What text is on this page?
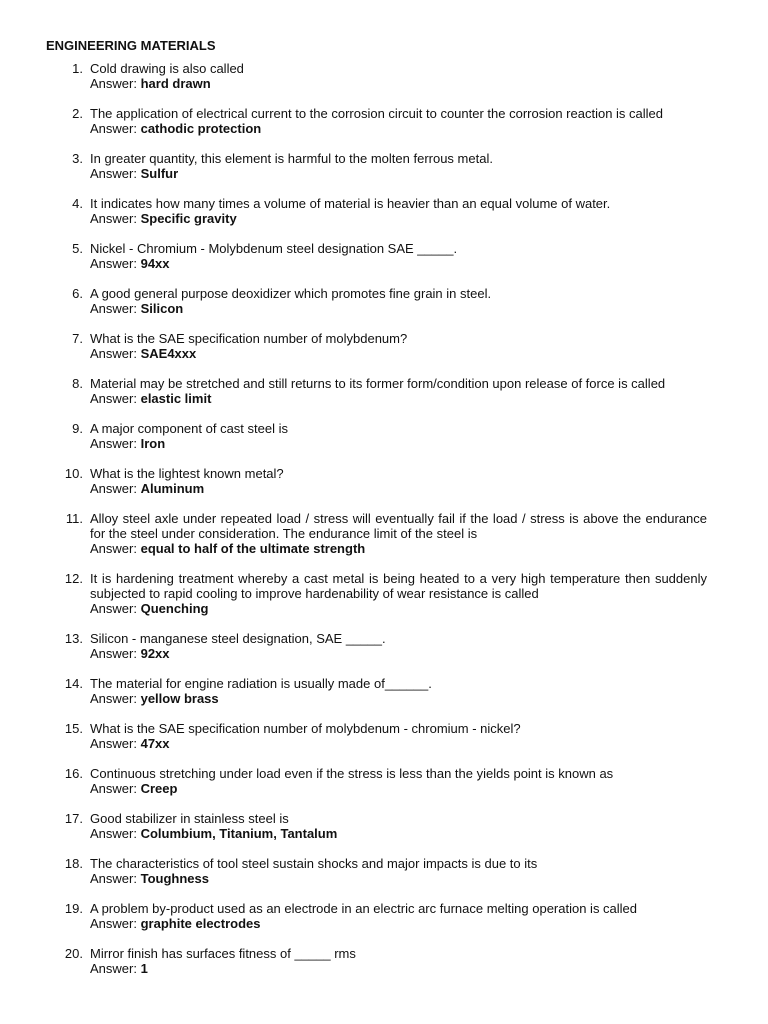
ENGINEERING MATERIALS
1. Cold drawing is also called
Answer: hard drawn
2. The application of electrical current to the corrosion circuit to counter the corrosion reaction is called
Answer: cathodic protection
3. In greater quantity, this element is harmful to the molten ferrous metal.
Answer: Sulfur
4. It indicates how many times a volume of material is heavier than an equal volume of water.
Answer: Specific gravity
5. Nickel - Chromium - Molybdenum steel designation SAE _____.
Answer: 94xx
6. A good general purpose deoxidizer which promotes fine grain in steel.
Answer: Silicon
7. What is the SAE specification number of molybdenum?
Answer: SAE4xxx
8. Material may be stretched and still returns to its former form/condition upon release of force is called
Answer: elastic limit
9. A major component of cast steel is
Answer: Iron
10. What is the lightest known metal?
Answer: Aluminum
11. Alloy steel axle under repeated load / stress will eventually fail if the load / stress is above the endurance for the steel under consideration. The endurance limit of the steel is
Answer: equal to half of the ultimate strength
12. It is hardening treatment whereby a cast metal is being heated to a very high temperature then suddenly subjected to rapid cooling to improve hardenability of wear resistance is called
Answer: Quenching
13. Silicon - manganese steel designation, SAE _____.
Answer: 92xx
14. The material for engine radiation is usually made of______.
Answer: yellow brass
15. What is the SAE specification number of molybdenum - chromium - nickel?
Answer: 47xx
16. Continuous stretching under load even if the stress is less than the yields point is known as
Answer: Creep
17. Good stabilizer in stainless steel is
Answer: Columbium, Titanium, Tantalum
18. The characteristics of tool steel sustain shocks and major impacts is due to its
Answer: Toughness
19. A problem by-product used as an electrode in an electric arc furnace melting operation is called
Answer: graphite electrodes
20. Mirror finish has surfaces fitness of _____ rms
Answer: 1
